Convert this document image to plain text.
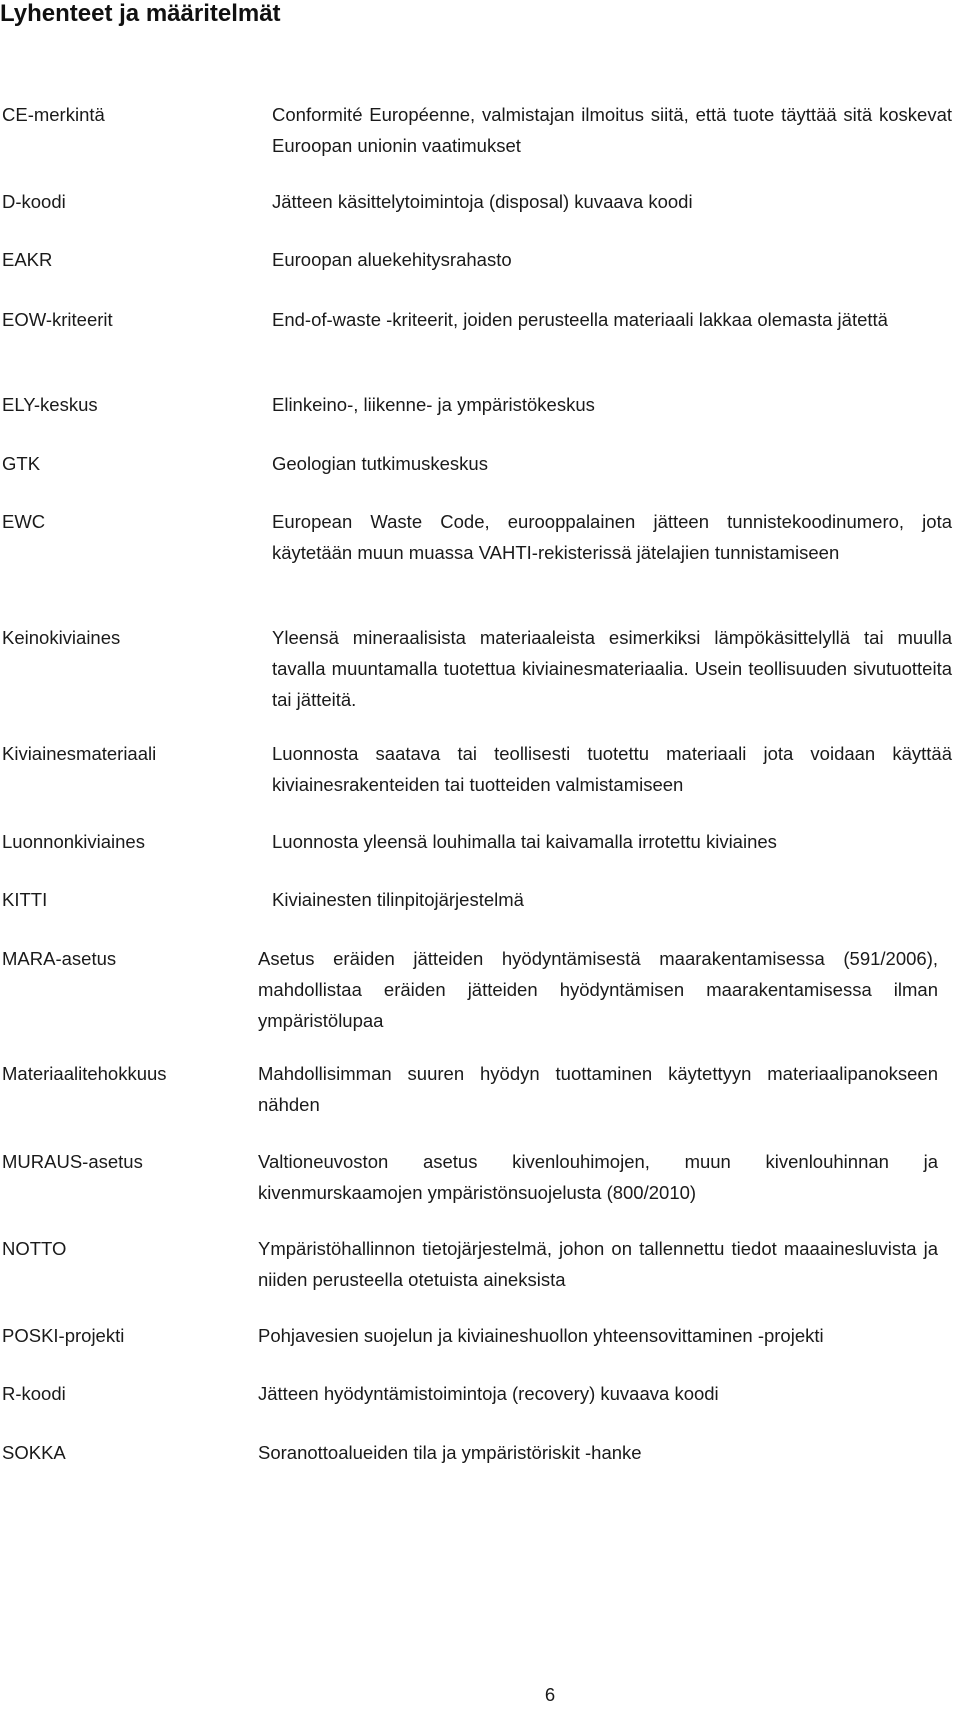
Lyhenteet ja määritelmät
CE-merkintä	Conformité Européenne, valmistajan ilmoitus siitä, että tuote täyttää sitä koskevat Euroopan unionin vaatimukset
D-koodi	Jätteen käsittelytoimintoja (disposal) kuvaava koodi
EAKR	Euroopan aluekehitysrahasto
EOW-kriteerit	End-of-waste -kriteerit, joiden perusteella materiaali lakkaa olemasta jätettä
ELY-keskus	Elinkeino-, liikenne- ja ympäristökeskus
GTK	Geologian tutkimuskeskus
EWC	European Waste Code, eurooppalainen jätteen tunnistekoodinumero, jota käytetään muun muassa VAHTI-rekisterissä jätelajien tunnistamiseen
Keinokiviaines	Yleensä mineraalisista materiaaleista esimerkiksi lämpökäsittelyllä tai muulla tavalla muuntamalla tuotettua kiviainesmateriaalia. Usein teollisuuden sivutuotteita tai jätteitä.
Kiviainesmateriaali	Luonnosta saatava tai teollisesti tuotettu materiaali jota voidaan käyttää kiviainesrakenteiden tai tuotteiden valmistamiseen
Luonnonkiviaines	Luonnosta yleensä louhimalla tai kaivamalla irrotettu kiviaines
KITTI	Kiviainesten tilinpitojärjestelmä
MARA-asetus	Asetus eräiden jätteiden hyödyntämisestä maarakentamisessa (591/2006), mahdollistaa eräiden jätteiden hyödyntämisen maarakentamisessa ilman ympäristölupaa
Materiaalitehokkuus	Mahdollisimman suuren hyödyn tuottaminen käytettyyn materiaalipanokseen nähden
MURAUS-asetus	Valtioneuvoston asetus kivenlouhimojen, muun kivenlouhinnan ja kivenmurskaamojen ympäristönsuojelusta (800/2010)
NOTTO	Ympäristöhallinnon tietojärjestelmä, johon on tallennettu tiedot maaainesluvista ja niiden perusteella otetuista aineksista
POSKI-projekti	Pohjavesien suojelun ja kiviaineshuollon yhteensovittaminen -projekti
R-koodi	Jätteen hyödyntämistoimintoja (recovery) kuvaava koodi
SOKKA	Soranottoalueiden tila ja ympäristöriskit -hanke
6
